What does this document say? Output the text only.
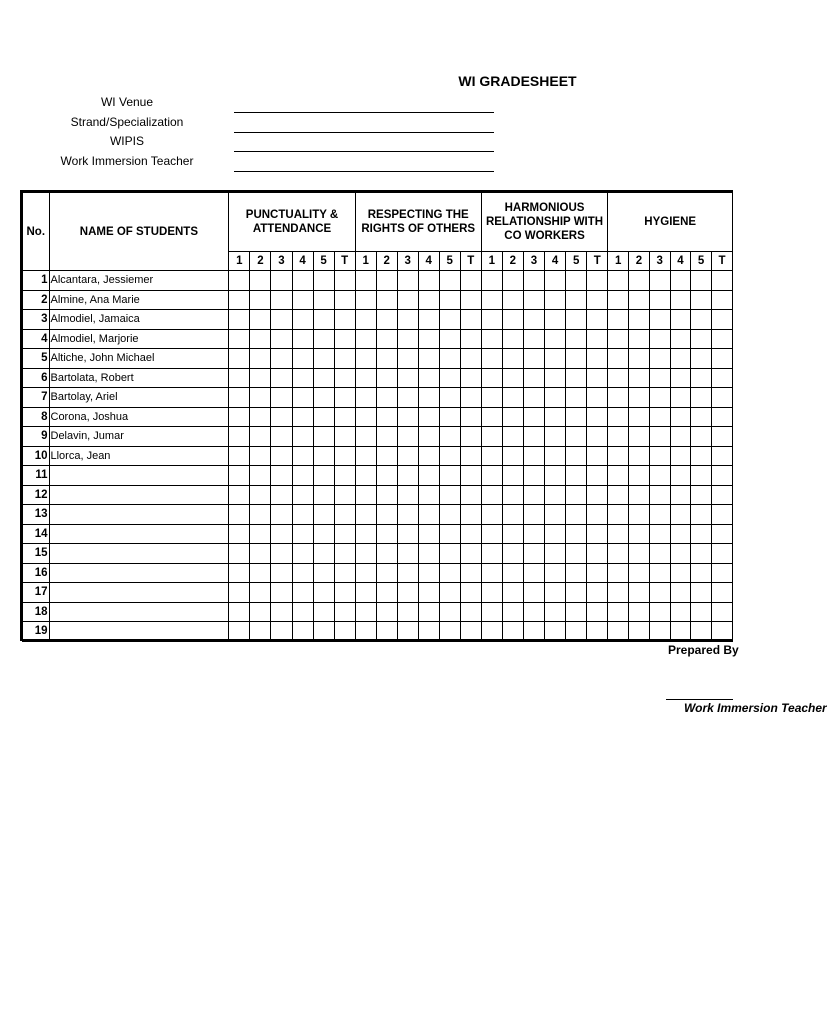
WI GRADESHEET
WI Venue
Strand/Specialization
WIPIS
Work Immersion Teacher
No.	NAME OF STUDENTS	PUNCTUALITY & ATTENDANCE						RESPECTING THE RIGHTS OF OTHERS						HARMONIOUS RELATIONSHIP WITH CO WORKERS						HYGIENE					
		1	2	3	4	5	T	1	2	3	4	5	T	1	2	3	4	5	T	1	2	3	4	5	T
1	Alcantara, Jessiemer																								
2	Almine, Ana Marie																								
3	Almodiel, Jamaica																								
4	Almodiel, Marjorie																								
5	Altiche, John Michael																								
6	Bartolata, Robert																								
7	Bartolay, Ariel																								
8	Corona, Joshua																								
9	Delavin, Jumar																								
10	Llorca, Jean																								
11																									
12																									
13																									
14																									
15																									
16																									
17																									
18																									
19																									
Prepared By
Work Immersion Teacher
